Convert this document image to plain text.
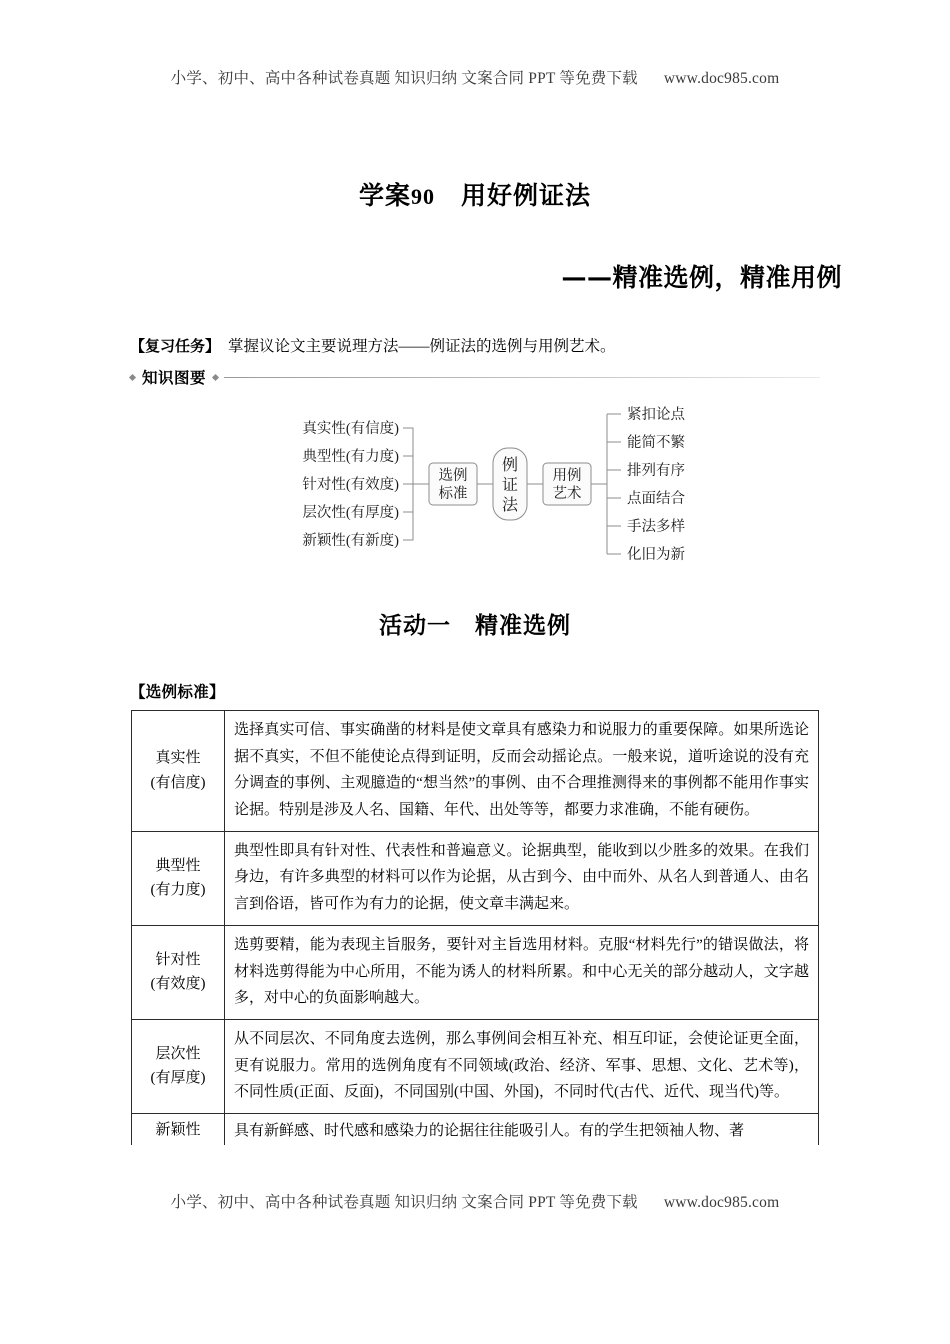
小学、初中、高中各种试卷真题 知识归纳 文案合同 PPT 等免费下载 www.doc985.com
学案90　 用好例证法
——精准选例，精准用例
【复习任务】 掌握议论文主要说理方法——例证法的选例与用例艺术。
知识图要
选例
标准
例
证
法
用例
艺术
真实性(有信度)
典型性(有力度)
针对性(有效度)
层次性(有厚度)
新颖性(有新度)
紧扣论点
能简不繁
排列有序
点面结合
手法多样
化旧为新
活动一　 精准选例
【选例标准】
真实性
(有信度)	选择真实可信、事实确凿的材料是使文章具有感染力和说服力的重要保障。如果所选论据不真实，不但不能使论点得到证明，反而会动摇论点。一般来说，道听途说的没有充分调查的事例、主观臆造的“想当然”的事例、由不合理推测得来的事例都不能用作事实论据。特别是涉及人名、国籍、年代、出处等等，都要力求准确，不能有硬伤。

典型性
(有力度)	典型性即具有针对性、代表性和普遍意义。论据典型，能收到以少胜多的效果。在我们身边，有许多典型的材料可以作为论据，从古到今、由中而外、从名人到普通人、由名言到俗语，皆可作为有力的论据，使文章丰满起来。

针对性
(有效度)	选剪要精，能为表现主旨服务，要针对主旨选用材料。克服“材料先行”的错误做法，将材料选剪得能为中心所用，不能为诱人的材料所累。和中心无关的部分越动人，文字越多，对中心的负面影响越大。

层次性
(有厚度)	从不同层次、不同角度去选例，那么事例间会相互补充、相互印证，会使论证更全面，更有说服力。常用的选例角度有不同领域(政治、经济、军事、思想、文化、艺术等)，不同性质(正面、反面)，不同国别(中国、外国)，不同时代(古代、近代、现当代)等。

新颖性	具有新鲜感、时代感和感染力的论据往往能吸引人。有的学生把领袖人物、著
小学、初中、高中各种试卷真题 知识归纳 文案合同 PPT 等免费下载 www.doc985.com
